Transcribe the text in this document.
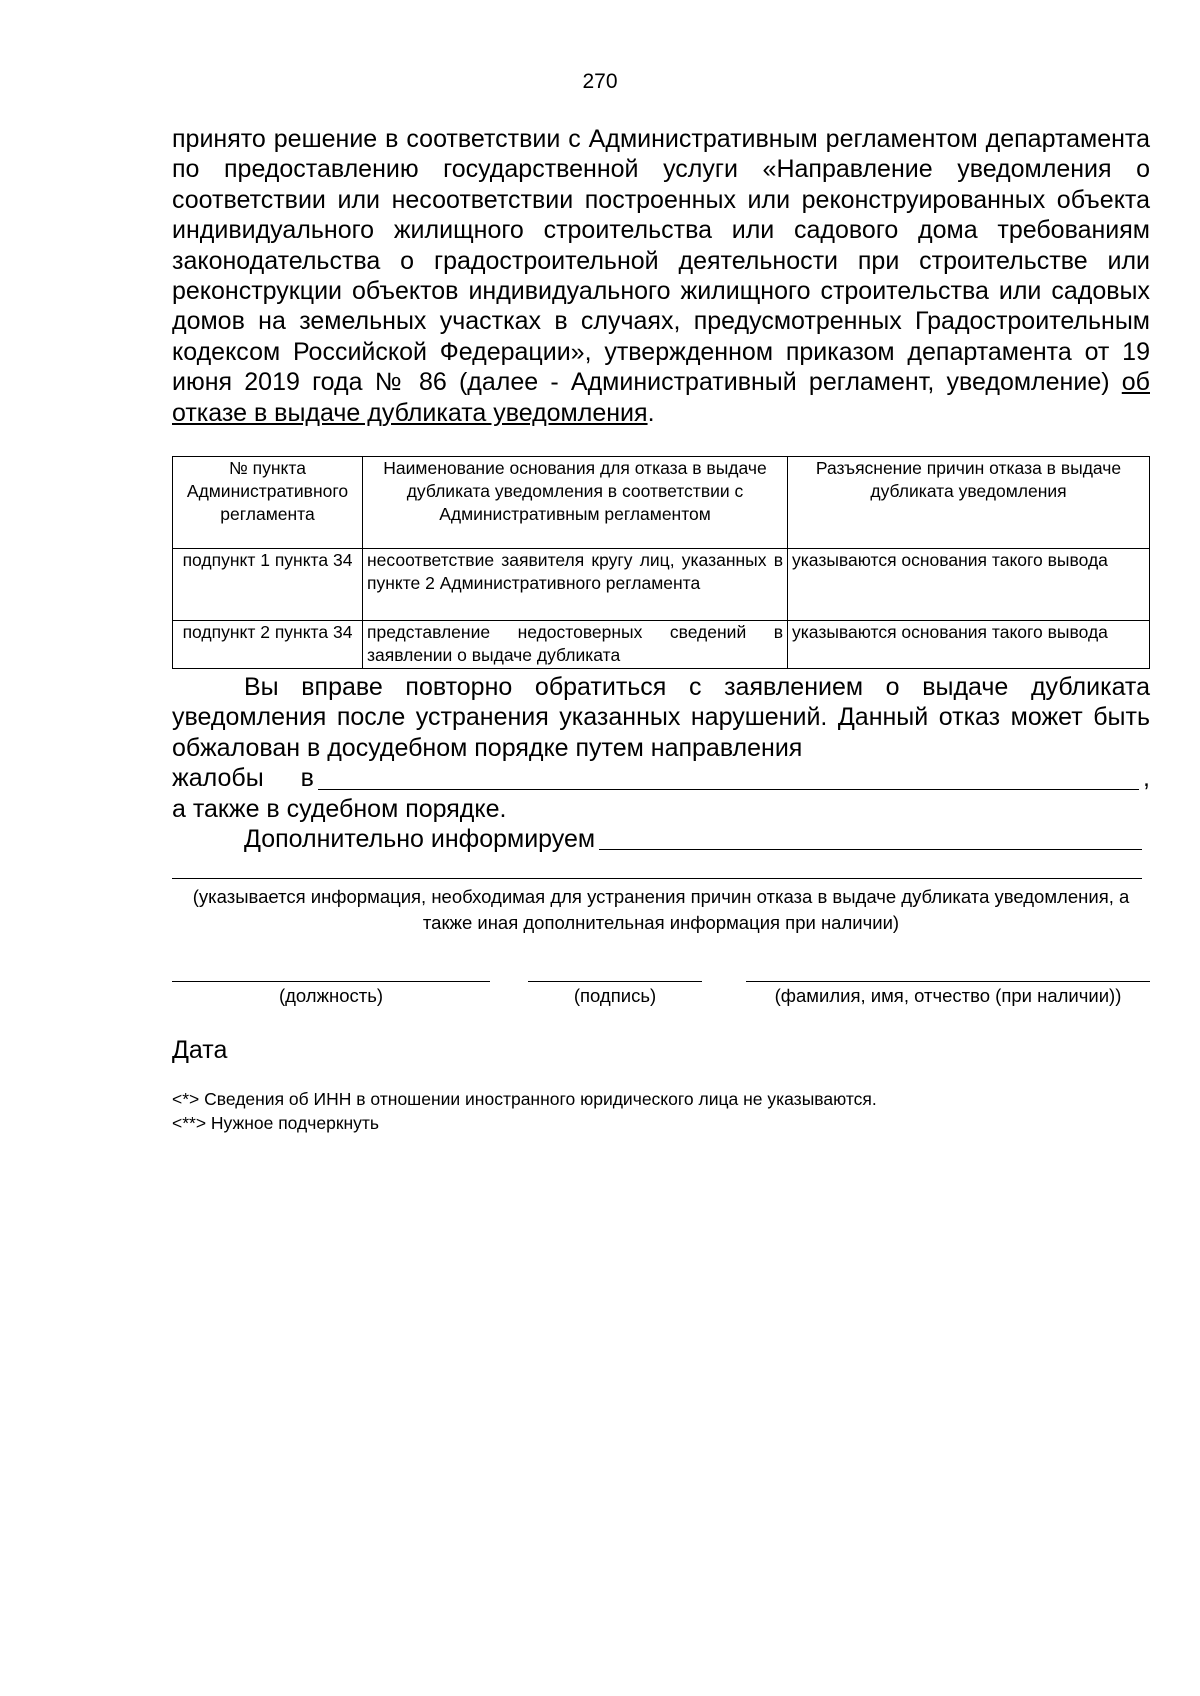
270
принято решение в соответствии с Административным регламентом департамента по предоставлению государственной услуги «Направление уведомления о соответствии или несоответствии построенных или реконструированных объекта индивидуального жилищного строительства или садового дома требованиям законодательства о градостроительной деятельности при строительстве или реконструкции объектов индивидуального жилищного строительства или садовых домов на земельных участках в случаях, предусмотренных Градостроительным кодексом Российской Федерации», утвержденном приказом департамента от 19 июня 2019 года № 86 (далее - Административный регламент, уведомление) об отказе в выдаче дубликата уведомления.
№ пункта Административного регламента	Наименование основания для отказа в выдаче дубликата уведомления в соответствии с Административным регламентом	Разъяснение причин отказа в выдаче дубликата уведомления
подпункт 1 пункта 34	несоответствие заявителя кругу лиц, указанных в пункте 2 Административного регламента	указываются основания такого вывода
подпункт 2 пункта 34	представление недостоверных сведений в заявлении о выдаче дубликата	указываются основания такого вывода
Вы вправе повторно обратиться с заявлением о выдаче дубликата уведомления после устранения указанных нарушений. Данный отказ может быть обжалован в досудебном порядке путем направления
жалобы в	,
а также в судебном порядке.
Дополнительно информируем
(указывается информация, необходимая для устранения причин отказа в выдаче дубликата уведомления, а также иная дополнительная информация при наличии)
(должность)	(подпись)	(фамилия, имя, отчество (при наличии))
Дата
<*> Сведения об ИНН в отношении иностранного юридического лица не указываются.
<**> Нужное подчеркнуть
